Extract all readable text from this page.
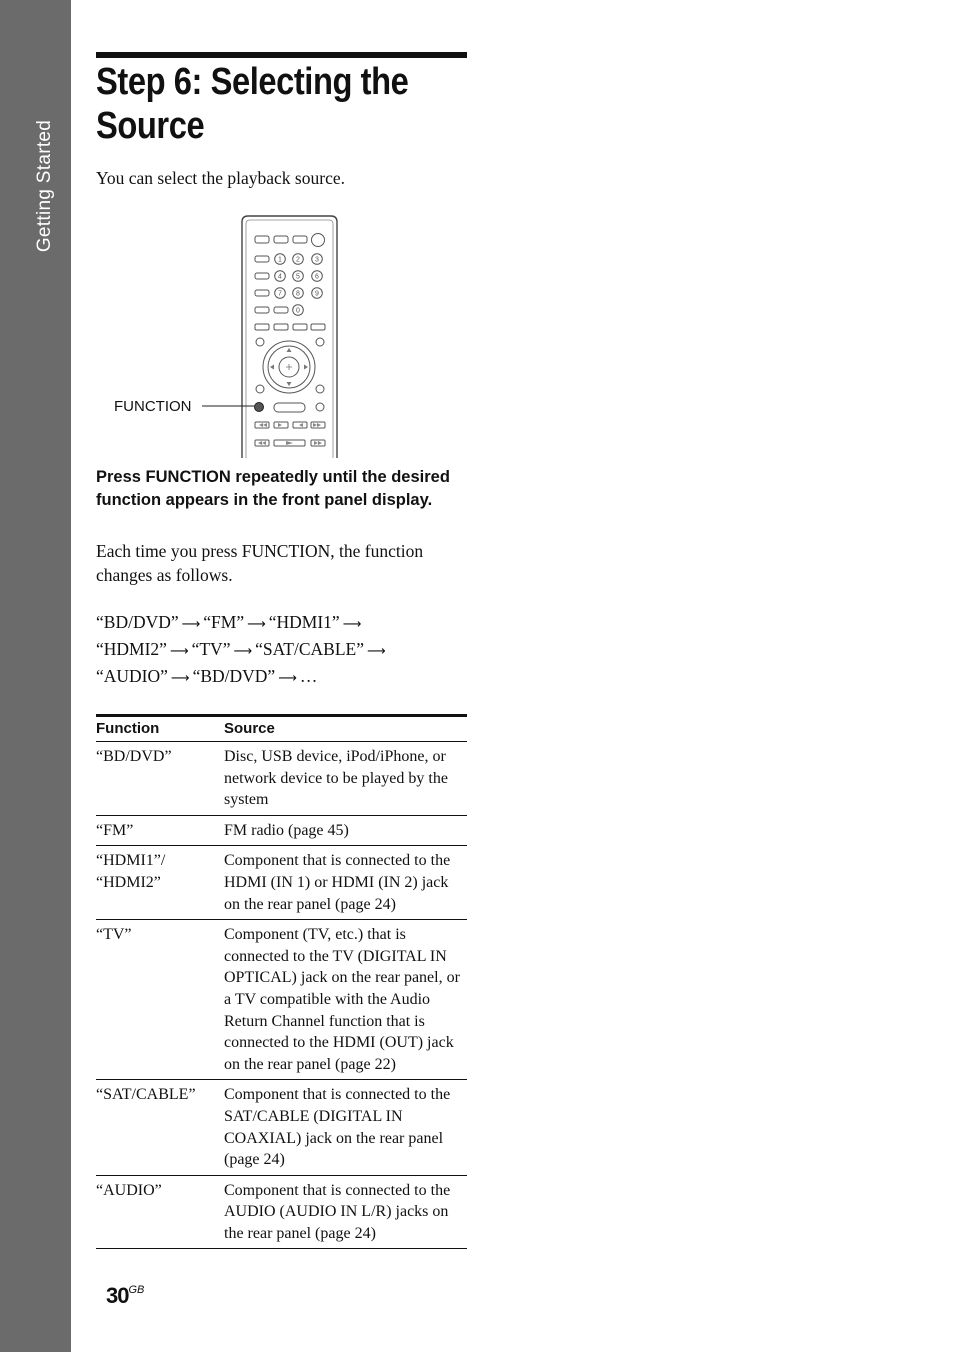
Getting Started
Step 6: Selecting the Source

You can select the playback source.

1 2 3
4 5 6
7 8 9
0
FUNCTION

Press FUNCTION repeatedly until the desired function appears in the front panel display.

Each time you press FUNCTION, the function changes as follows.

“BD/DVD” ⟶ “FM” ⟶ “HDMI1” ⟶
“HDMI2” ⟶ “TV” ⟶ “SAT/CABLE” ⟶
“AUDIO” ⟶ “BD/DVD” ⟶ …

Function	Source
“BD/DVD”	Disc, USB device, iPod/iPhone, or network device to be played by the system
“FM”	FM radio (page 45)
“HDMI1”/ “HDMI2”	Component that is connected to the HDMI (IN 1) or HDMI (IN 2) jack on the rear panel (page 24)
“TV”	Component (TV, etc.) that is connected to the TV (DIGITAL IN OPTICAL) jack on the rear panel, or a TV compatible with the Audio Return Channel function that is connected to the HDMI (OUT) jack on the rear panel (page 22)
“SAT/CABLE”	Component that is connected to the SAT/CABLE (DIGITAL IN COAXIAL) jack on the rear panel (page 24)
“AUDIO”	Component that is connected to the AUDIO (AUDIO IN L/R) jacks on the rear panel (page 24)
$30^{GB}$
